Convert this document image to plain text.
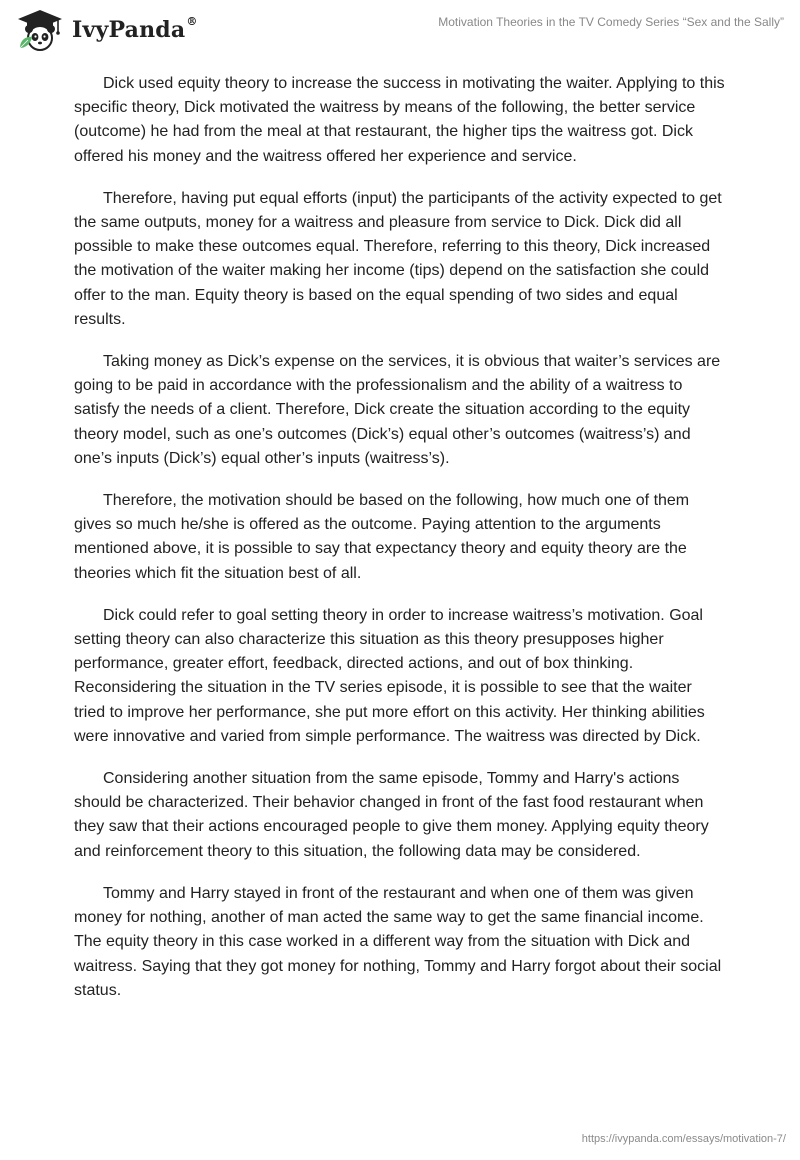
IvyPanda®	Motivation Theories in the TV Comedy Series “Sex and the Sally”

Dick used equity theory to increase the success in motivating the waiter. Applying to this specific theory, Dick motivated the waitress by means of the following, the better service (outcome) he had from the meal at that restaurant, the higher tips the waitress got. Dick offered his money and the waitress offered her experience and service.

Therefore, having put equal efforts (input) the participants of the activity expected to get the same outputs, money for a waitress and pleasure from service to Dick. Dick did all possible to make these outcomes equal. Therefore, referring to this theory, Dick increased the motivation of the waiter making her income (tips) depend on the satisfaction she could offer to the man. Equity theory is based on the equal spending of two sides and equal results.

Taking money as Dick’s expense on the services, it is obvious that waiter’s services are going to be paid in accordance with the professionalism and the ability of a waitress to satisfy the needs of a client. Therefore, Dick create the situation according to the equity theory model, such as one’s outcomes (Dick’s) equal other’s outcomes (waitress’s) and one’s inputs (Dick’s) equal other’s inputs (waitress’s).

Therefore, the motivation should be based on the following, how much one of them gives so much he/she is offered as the outcome. Paying attention to the arguments mentioned above, it is possible to say that expectancy theory and equity theory are the theories which fit the situation best of all.

Dick could refer to goal setting theory in order to increase waitress’s motivation. Goal setting theory can also characterize this situation as this theory presupposes higher performance, greater effort, feedback, directed actions, and out of box thinking. Reconsidering the situation in the TV series episode, it is possible to see that the waiter tried to improve her performance, she put more effort on this activity. Her thinking abilities were innovative and varied from simple performance. The waitress was directed by Dick.

Considering another situation from the same episode, Tommy and Harry's actions should be characterized. Their behavior changed in front of the fast food restaurant when they saw that their actions encouraged people to give them money. Applying equity theory and reinforcement theory to this situation, the following data may be considered.

Tommy and Harry stayed in front of the restaurant and when one of them was given money for nothing, another of man acted the same way to get the same financial income. The equity theory in this case worked in a different way from the situation with Dick and waitress. Saying that they got money for nothing, Tommy and Harry forgot about their social status.

https://ivypanda.com/essays/motivation-7/
